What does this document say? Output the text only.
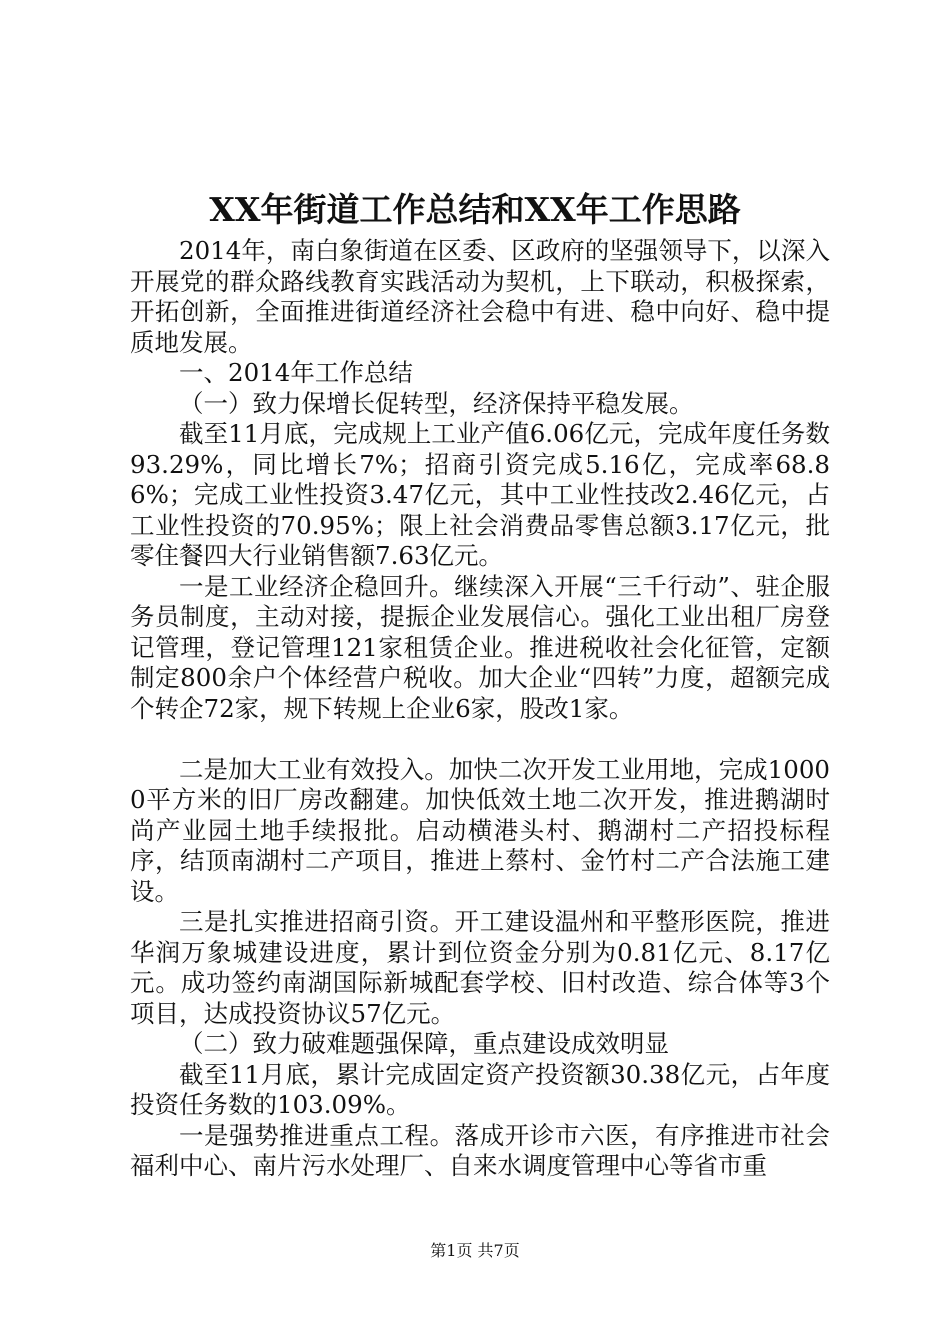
XX年街道工作总结和XX年工作思路

2014年，南白象街道在区委、区政府的坚强领导下，以深入开展党的群众路线教育实践活动为契机，上下联动，积极探索，开拓创新，全面推进街道经济社会稳中有进、稳中向好、稳中提质地发展。

一、2014年工作总结

（一）致力保增长促转型，经济保持平稳发展。

截至11月底，完成规上工业产值6.06亿元，完成年度任务数93.29%，同比增长7%；招商引资完成5.16亿，完成率68.86%；完成工业性投资3.47亿元，其中工业性技改2.46亿元，占工业性投资的70.95%；限上社会消费品零售总额3.17亿元，批零住餐四大行业销售额7.63亿元。

一是工业经济企稳回升。继续深入开展“三千行动”、驻企服务员制度，主动对接，提振企业发展信心。强化工业出租厂房登记管理，登记管理121家租赁企业。推进税收社会化征管，定额制定800余户个体经营户税收。加大企业“四转”力度，超额完成个转企72家，规下转规上企业6家，股改1家。

二是加大工业有效投入。加快二次开发工业用地，完成10000平方米的旧厂房改翻建。加快低效土地二次开发，推进鹅湖时尚产业园土地手续报批。启动横港头村、鹅湖村二产招投标程序，结顶南湖村二产项目，推进上蔡村、金竹村二产合法施工建设。

三是扎实推进招商引资。开工建设温州和平整形医院，推进华润万象城建设进度，累计到位资金分别为0.81亿元、8.17亿元。成功签约南湖国际新城配套学校、旧村改造、综合体等3个项目，达成投资协议57亿元。

（二）致力破难题强保障，重点建设成效明显

截至11月底，累计完成固定资产投资额30.38亿元，占年度投资任务数的103.09%。

一是强势推进重点工程。落成开诊市六医，有序推进市社会福利中心、南片污水处理厂、自来水调度管理中心等省市重

第1页 共7页
